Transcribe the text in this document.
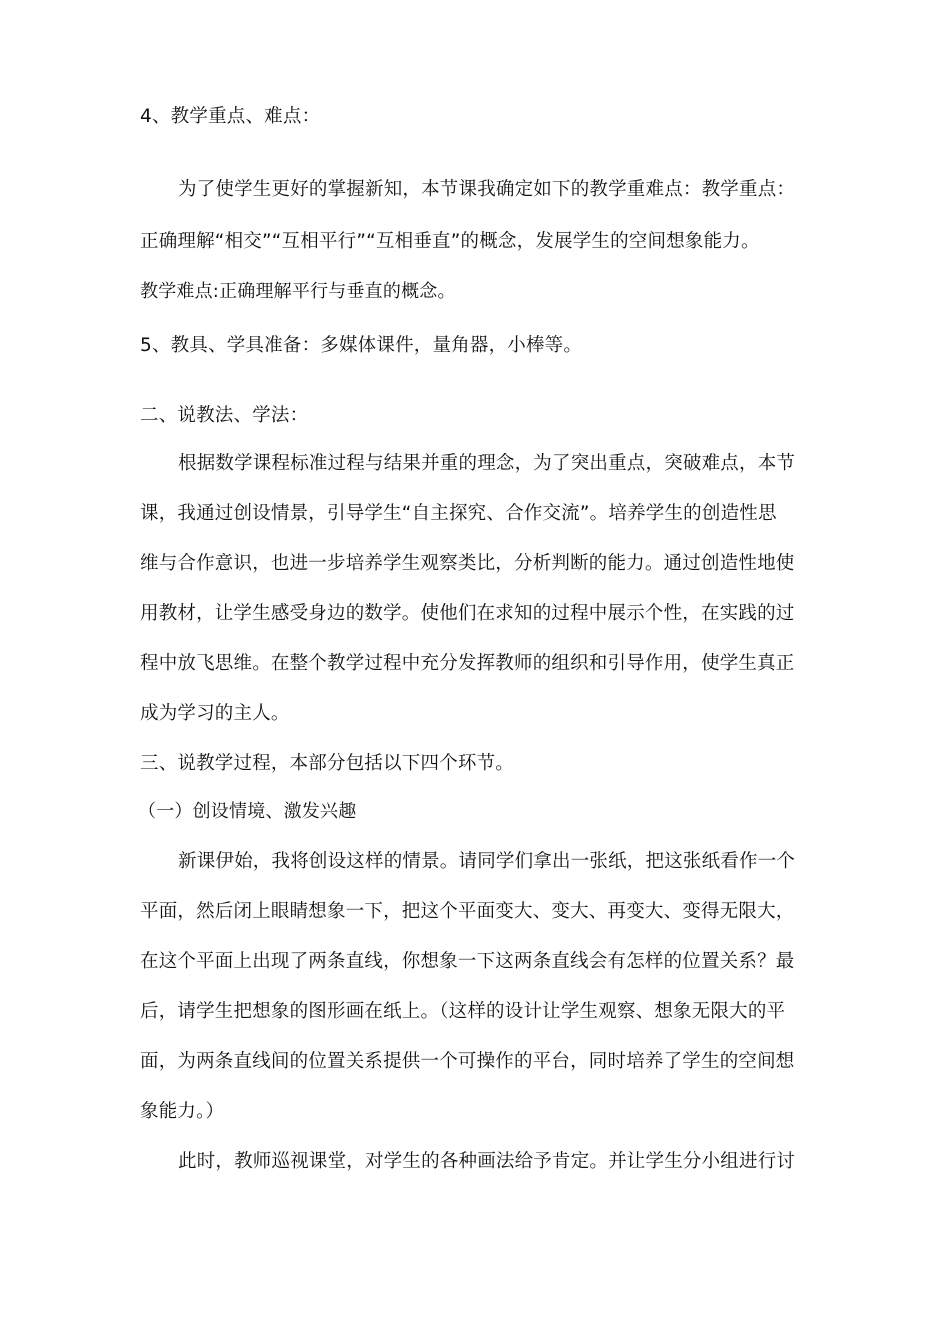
4、教学重点、难点：
为了使学生更好的掌握新知，本节课我确定如下的教学重难点：教学重点：
正确理解“相交”“互相平行”“互相垂直”的概念，发展学生的空间想象能力。
教学难点:正确理解平行与垂直的概念。
5、教具、学具准备：多媒体课件，量角器，小棒等。
二、说教法、学法：
根据数学课程标准过程与结果并重的理念，为了突出重点，突破难点，本节
课，我通过创设情景，引导学生“自主探究、合作交流”。培养学生的创造性思
维与合作意识，也进一步培养学生观察类比，分析判断的能力。通过创造性地使
用教材，让学生感受身边的数学。使他们在求知的过程中展示个性，在实践的过
程中放飞思维。在整个教学过程中充分发挥教师的组织和引导作用，使学生真正
成为学习的主人。
三、说教学过程，本部分包括以下四个环节。
（一）创设情境、激发兴趣
新课伊始，我将创设这样的情景。请同学们拿出一张纸，把这张纸看作一个
平面，然后闭上眼睛想象一下，把这个平面变大、变大、再变大、变得无限大，
在这个平面上出现了两条直线，你想象一下这两条直线会有怎样的位置关系？最
后，请学生把想象的图形画在纸上。（这样的设计让学生观察、想象无限大的平
面，为两条直线间的位置关系提供一个可操作的平台，同时培养了学生的空间想
象能力。）
此时，教师巡视课堂，对学生的各种画法给予肯定。并让学生分小组进行讨
